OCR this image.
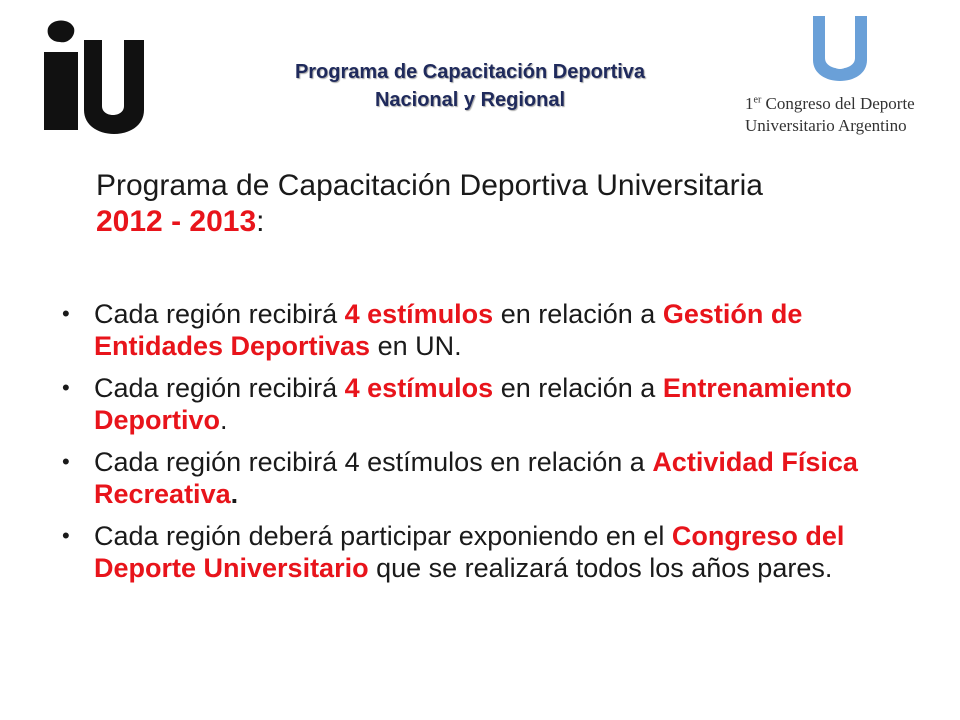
Programa de Capacitación Deportiva
Nacional y Regional	1er Congreso del Deporte
Universitario Argentino
Programa de Capacitación Deportiva Universitaria
2012 - 2013:
• Cada región recibirá 4 estímulos en relación a Gestión de Entidades Deportivas en UN.
• Cada región recibirá 4 estímulos en relación a Entrenamiento Deportivo.
• Cada región recibirá 4 estímulos en relación a Actividad Física Recreativa.
• Cada región deberá participar exponiendo en el Congreso del Deporte Universitario que se realizará todos los años pares.
